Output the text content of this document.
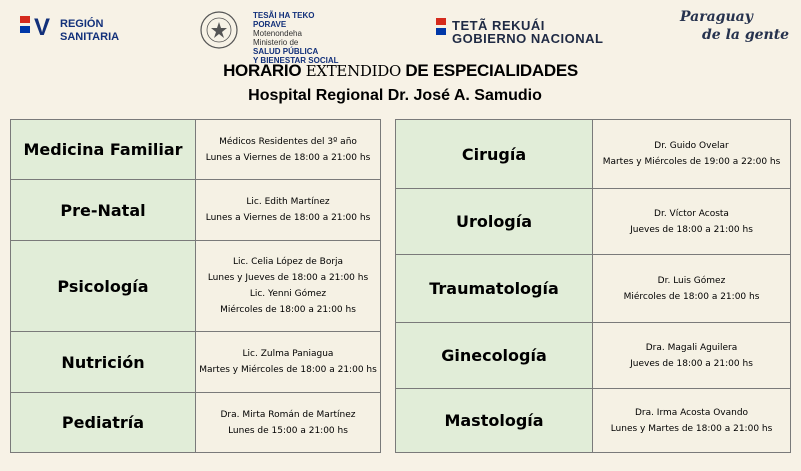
V REGIÓN
SANITARIA
TESÃI HA TEKO
PORAVE
Motenondeha
Ministerio de
SALUD PÚBLICA
Y BIENESTAR SOCIAL
TETÃ REKUÁI
GOBIERNO NACIONAL
Paraguay
de la gente
HORARIO EXTENDIDO DE ESPECIALIDADES
Hospital Regional Dr. José A. Samudio
Medicina Familiar	Médicos Residentes del 3º año
Lunes a Viernes de 18:00 a 21:00 hs

Pre-Natal	Lic. Edith Martínez
Lunes a Viernes de 18:00 a 21:00 hs

Psicología	Lic. Celia López de Borja
Lunes y Jueves de 18:00 a 21:00 hs
Lic. Yenni Gómez
Miércoles de 18:00 a 21:00 hs

Nutrición	Lic. Zulma Paniagua
Martes y Miércoles de 18:00 a 21:00 hs

Pediatría	Dra. Mirta Román de Martínez
Lunes de 15:00 a 21:00 hs
Cirugía	Dr. Guido Ovelar
Martes y Miércoles de 19:00 a 22:00 hs

Urología	Dr. Víctor Acosta
Jueves de 18:00 a 21:00 hs

Traumatología	Dr. Luis Gómez
Miércoles de 18:00 a 21:00 hs

Ginecología	Dra. Magali Aguilera
Jueves de 18:00 a 21:00 hs

Mastología	Dra. Irma Acosta Ovando
Lunes y Martes de 18:00 a 21:00 hs
